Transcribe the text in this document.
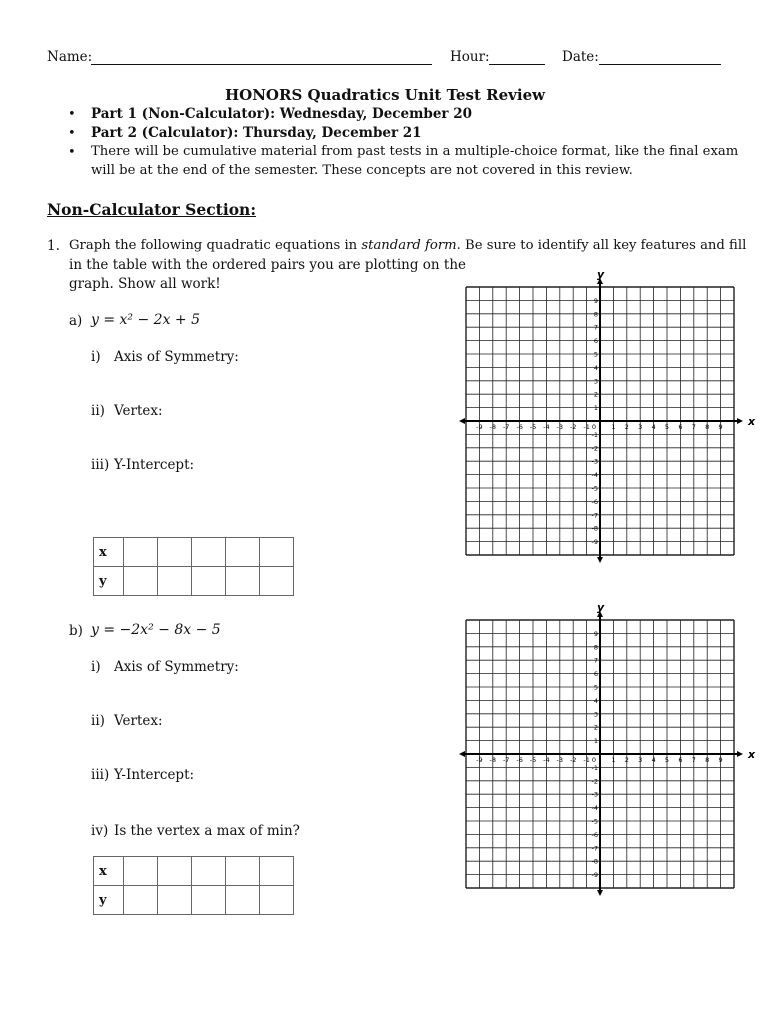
Name:	Hour:	Date:
HONORS Quadratics Unit Test Review
• Part 1 (Non-Calculator): Wednesday, December 20
• Part 2 (Calculator): Thursday, December 21
• There will be cumulative material from past tests in a multiple-choice format, like the final exam
will be at the end of the semester. These concepts are not covered in this review.
Non-Calculator Section:
1. Graph the following quadratic equations in standard form. Be sure to identify all key features and fill
in the table with the ordered pairs you are plotting on the
graph. Show all work!
a) y = x² − 2x + 5
i) Axis of Symmetry:
ii) Vertex:
iii) Y-Intercept:
x					
y					
b) y = −2x² − 8x − 5
i) Axis of Symmetry:
ii) Vertex:
iii) Y-Intercept:
iv) Is the vertex a max of min?
x					
y					
x
y
-9 -8 -7 -6 -5 -4 -3 -2 -1 0 1 2 3 4 5 6 7 8 9
-9
-8
-7
-6
-5
-4
-3
-2
-1
1
2
3
4
5
6
7
8
9
x
y
-9 -8 -7 -6 -5 -4 -3 -2 -1 0 1 2 3 4 5 6 7 8 9
-9
-8
-7
-6
-5
-4
-3
-2
-1
1
2
3
4
5
6
7
8
9
